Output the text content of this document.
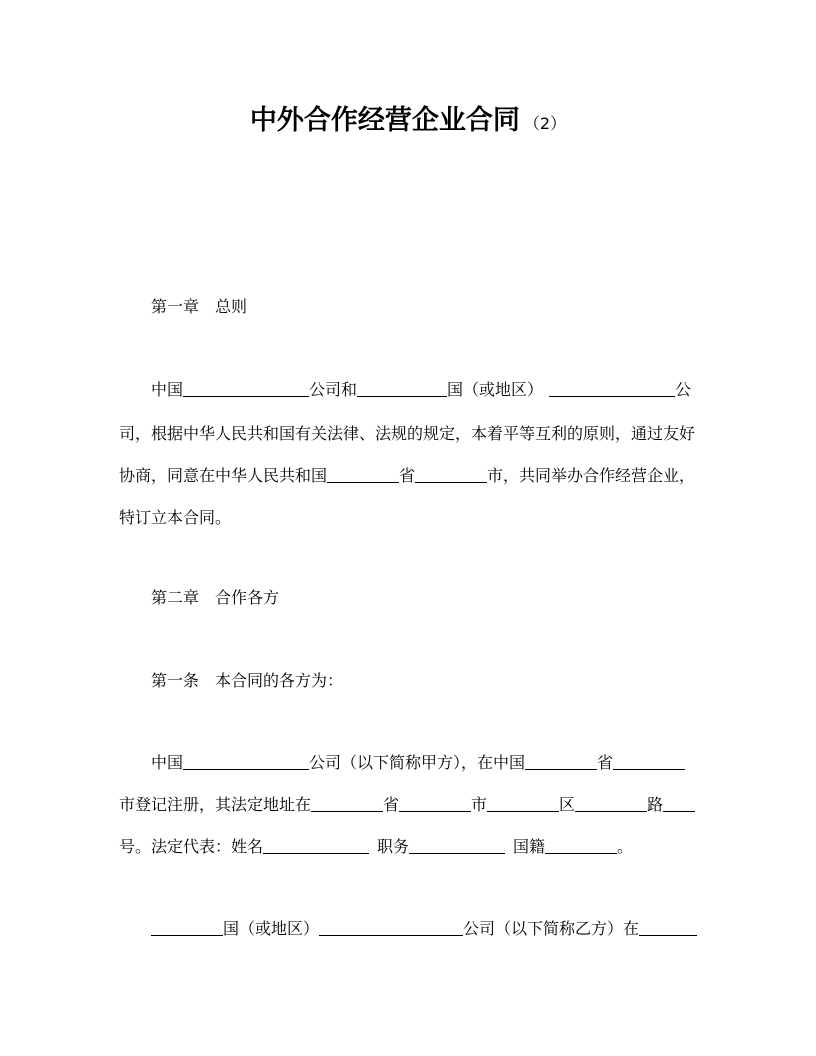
中外合作经营企业合同 （2）
第一章 总则
中国	公司和	国（或地区）	公
司，根据中华人民共和国有关法律、法规的规定，本着平等互利的原则，通过友好
协商，同意在中华人民共和国	省	市，共同举办合作经营企业，
特订立本合同。
第二章 合作各方
第一条 本合同的各方为：
中国	公司（以下简称甲方），在中国	省
市登记注册，其法定地址在	省	市	区	路
号。法定代表：姓名	职务	国籍	。
国（或地区）	公司（以下简称乙方）在
